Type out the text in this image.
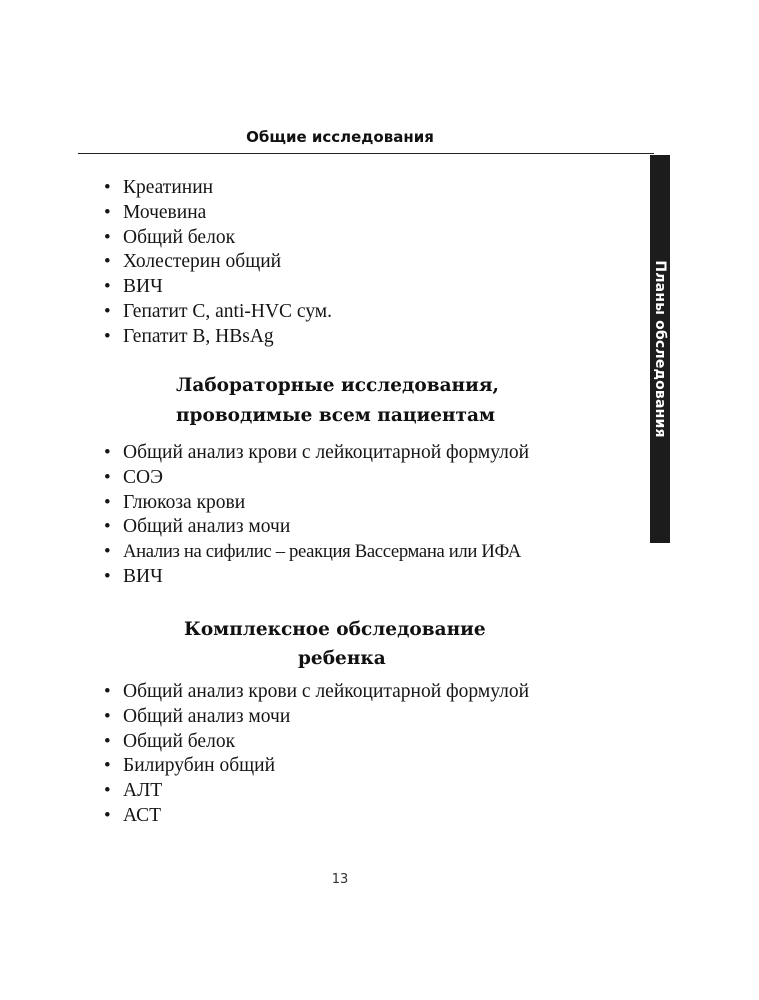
Общие исследования
Планы обследования
• Креатинин
• Мочевина
• Общий белок
• Холестерин общий
• ВИЧ
• Гепатит С, anti-HVC сум.
• Гепатит В, HBsAg
Лабораторные исследования,
проводимые всем пациентам
• Общий анализ крови с лейкоцитарной формулой
• СОЭ
• Глюкоза крови
• Общий анализ мочи
• Анализ на сифилис – реакция Вассермана или ИФА
• ВИЧ
Комплексное обследование
ребенка
• Общий анализ крови с лейкоцитарной формулой
• Общий анализ мочи
• Общий белок
• Билирубин общий
• АЛТ
• АСТ
13
